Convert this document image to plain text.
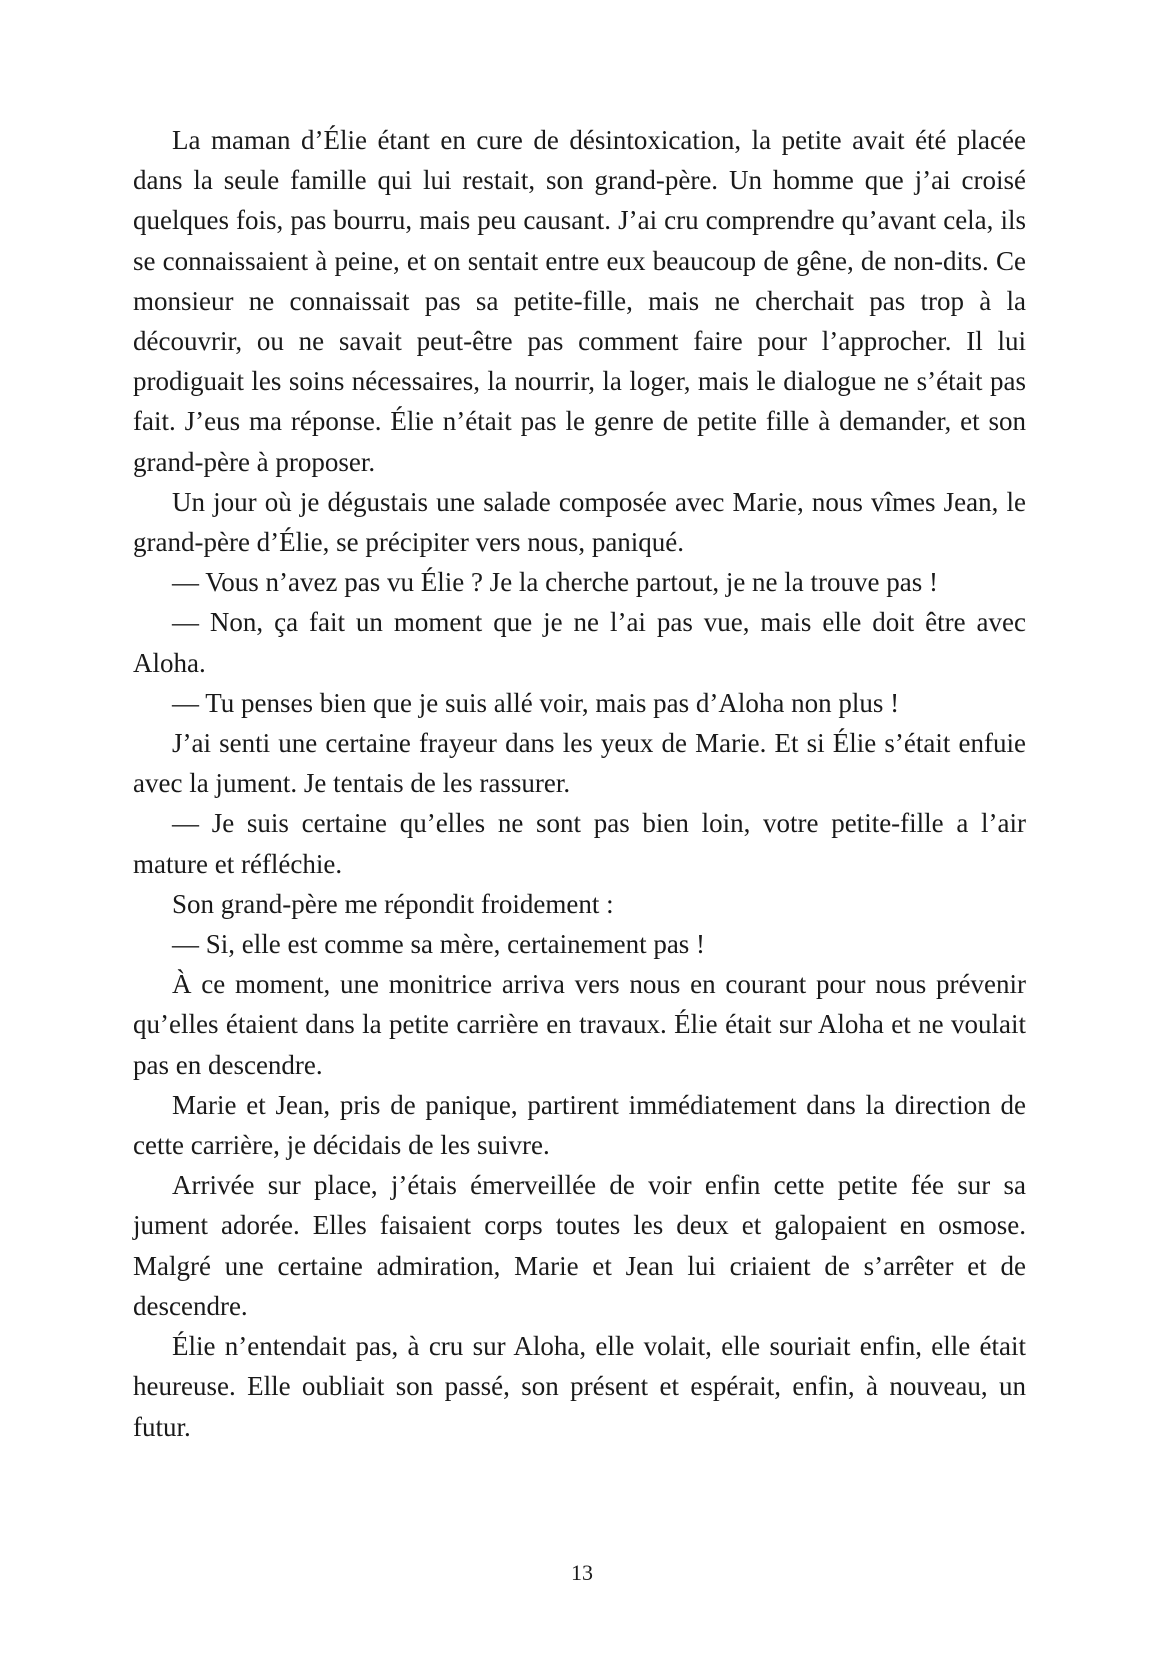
La maman d’Élie étant en cure de désintoxication, la petite avait été placée dans la seule famille qui lui restait, son grand-père. Un homme que j’ai croisé quelques fois, pas bourru, mais peu causant. J’ai cru comprendre qu’avant cela, ils se connaissaient à peine, et on sentait entre eux beaucoup de gêne, de non-dits. Ce monsieur ne connaissait pas sa petite-fille, mais ne cherchait pas trop à la découvrir, ou ne savait peut-être pas comment faire pour l’approcher. Il lui prodiguait les soins nécessaires, la nourrir, la loger, mais le dialogue ne s’était pas fait. J’eus ma réponse. Élie n’était pas le genre de petite fille à demander, et son grand-père à proposer.

Un jour où je dégustais une salade composée avec Marie, nous vîmes Jean, le grand-père d’Élie, se précipiter vers nous, paniqué.

— Vous n’avez pas vu Élie ? Je la cherche partout, je ne la trouve pas !

— Non, ça fait un moment que je ne l’ai pas vue, mais elle doit être avec Aloha.

— Tu penses bien que je suis allé voir, mais pas d’Aloha non plus !

J’ai senti une certaine frayeur dans les yeux de Marie. Et si Élie s’était enfuie avec la jument. Je tentais de les rassurer.

— Je suis certaine qu’elles ne sont pas bien loin, votre petite-fille a l’air mature et réfléchie.

Son grand-père me répondit froidement :

— Si, elle est comme sa mère, certainement pas !

À ce moment, une monitrice arriva vers nous en courant pour nous prévenir qu’elles étaient dans la petite carrière en travaux. Élie était sur Aloha et ne voulait pas en descendre.

Marie et Jean, pris de panique, partirent immédiatement dans la direction de cette carrière, je décidais de les suivre.

Arrivée sur place, j’étais émerveillée de voir enfin cette petite fée sur sa jument adorée. Elles faisaient corps toutes les deux et galopaient en osmose. Malgré une certaine admiration, Marie et Jean lui criaient de s’arrêter et de descendre.

Élie n’entendait pas, à cru sur Aloha, elle volait, elle souriait enfin, elle était heureuse. Elle oubliait son passé, son présent et espérait, enfin, à nouveau, un futur.

13
